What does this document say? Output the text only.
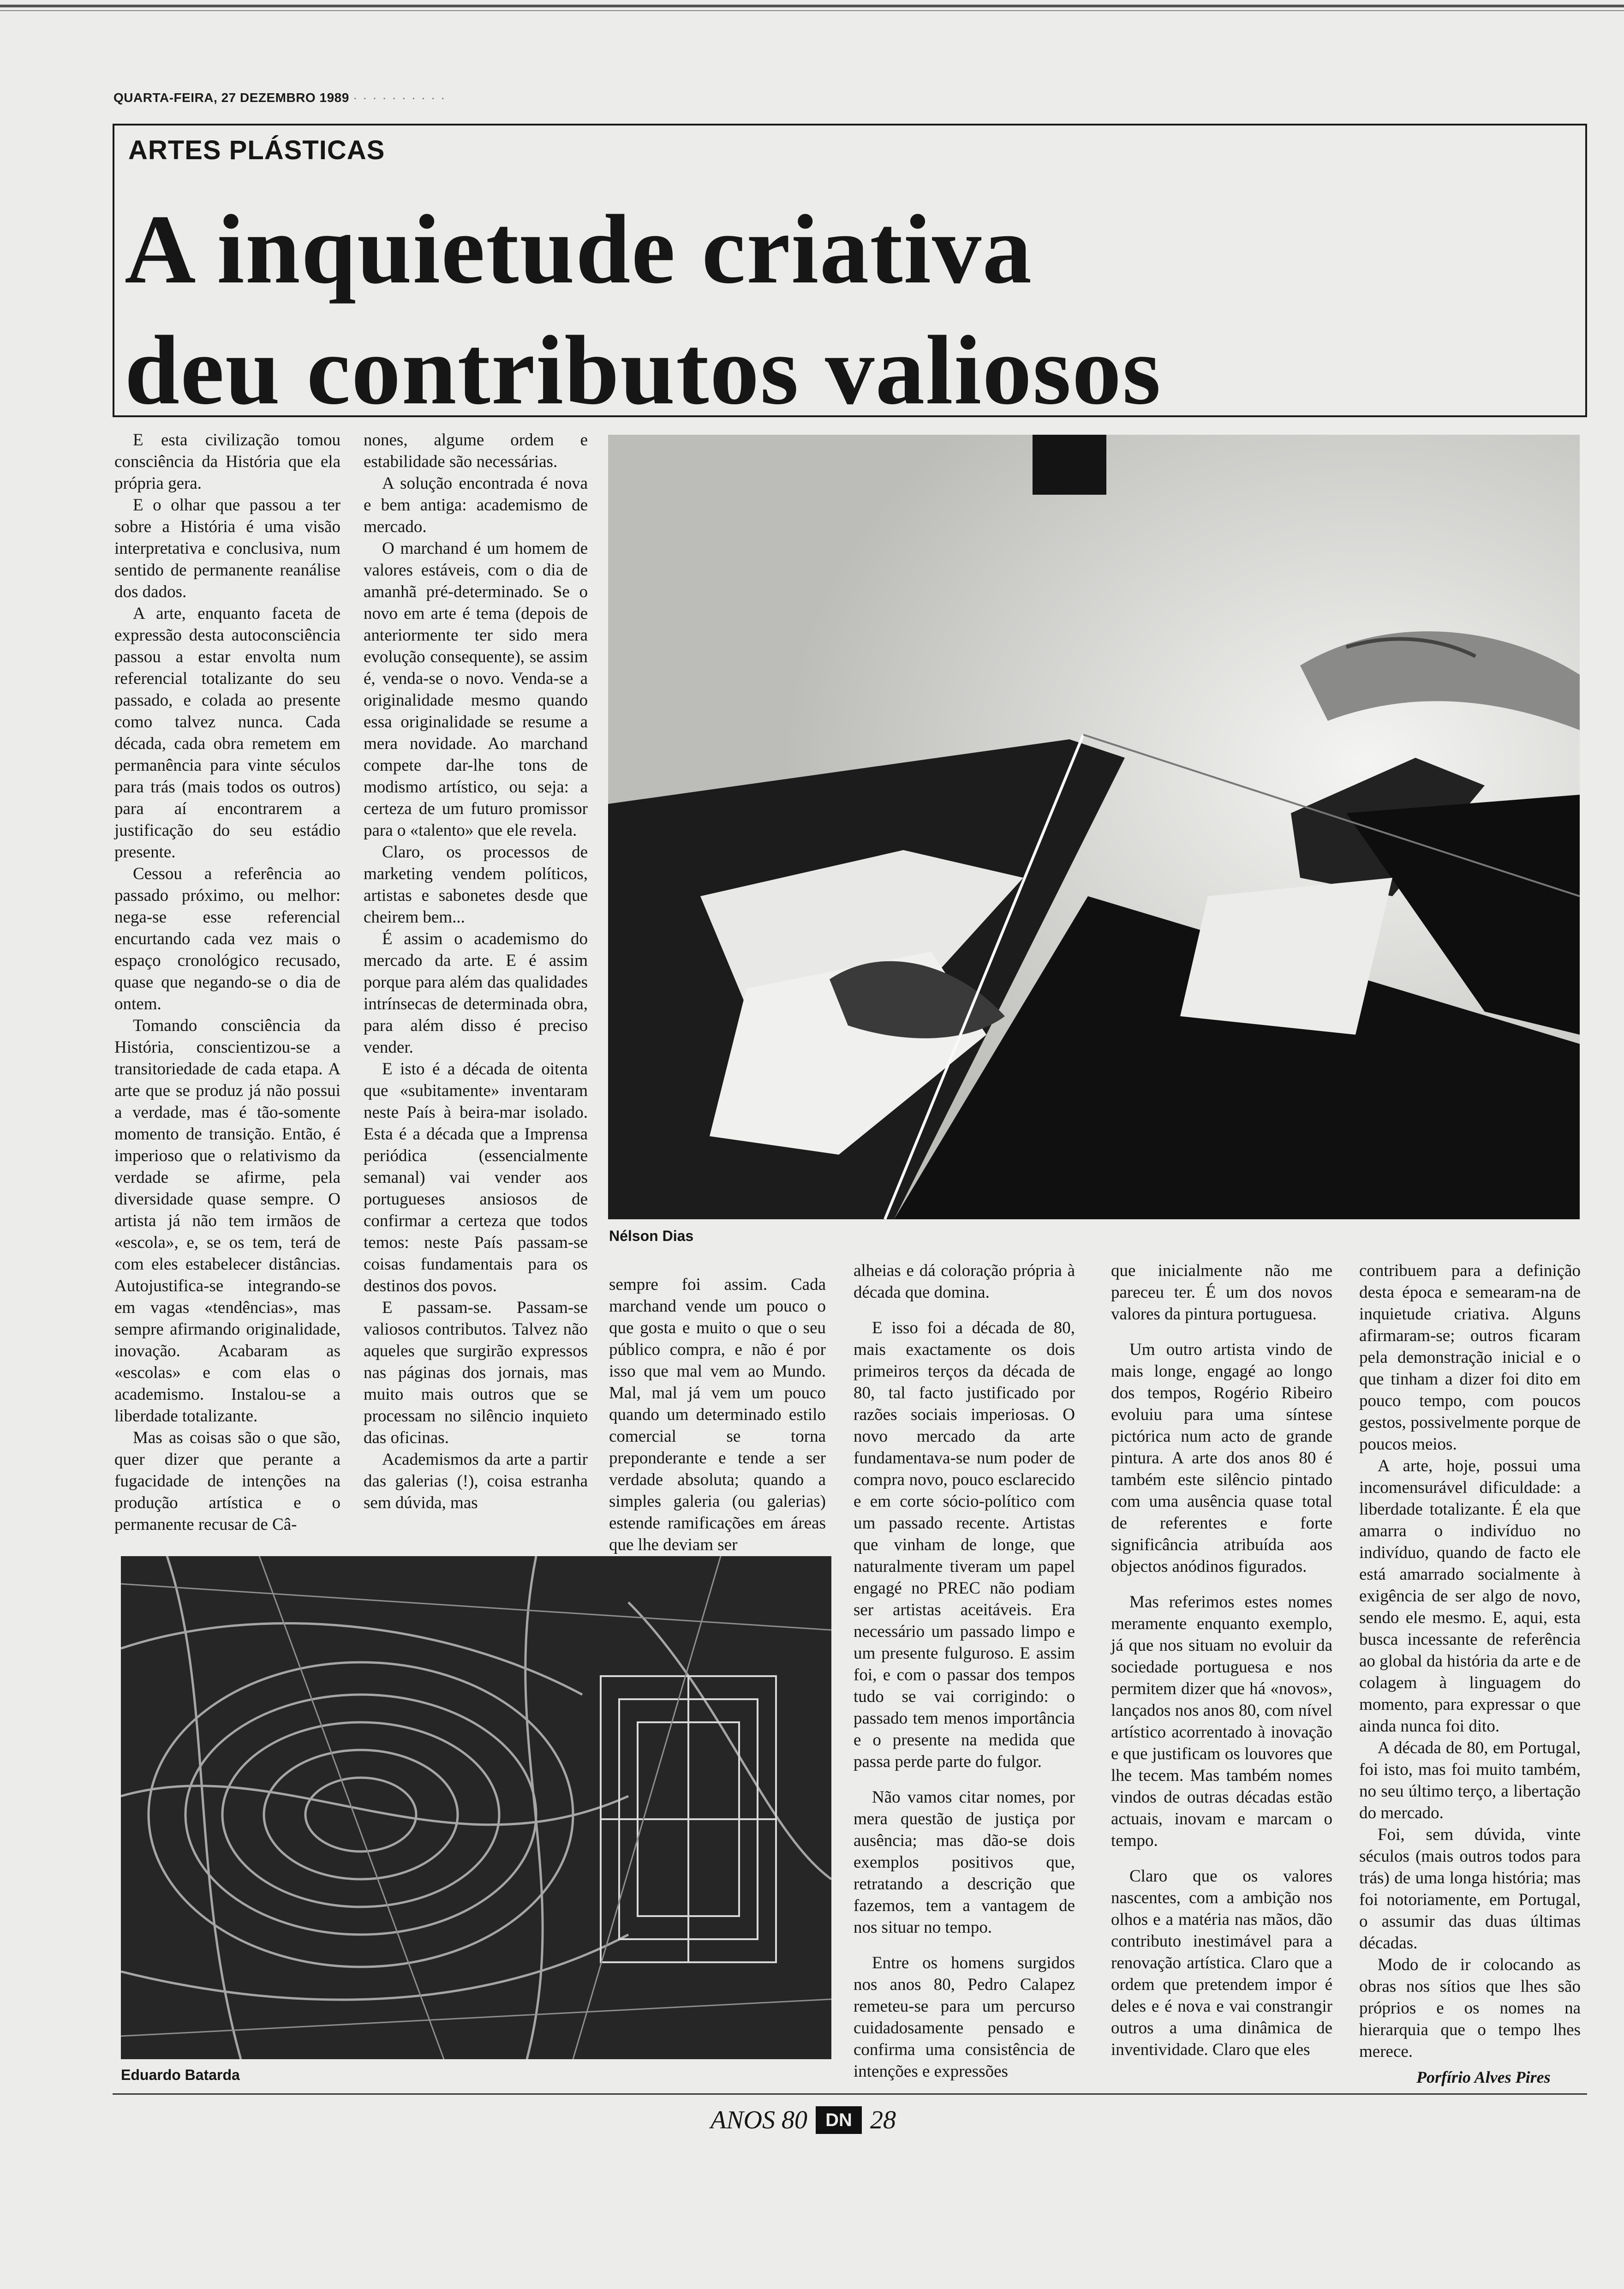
QUARTA-FEIRA, 27 DEZEMBRO 1989 · · · · · · · · · ·
ARTES PLÁSTICAS
A inquietude criativa
deu contributos valiosos

E esta civilização tomou consciência da História que ela própria gera.

E o olhar que passou a ter sobre a História é uma visão interpretativa e conclusiva, num sentido de permanente reanálise dos dados.

A arte, enquanto faceta de expressão desta autoconsciência passou a estar envolta num referencial totalizante do seu passado, e colada ao presente como talvez nunca. Cada década, cada obra remetem em permanência para vinte séculos para trás (mais todos os outros) para aí encontrarem a justificação do seu estádio presente.

Cessou a referência ao passado próximo, ou melhor: nega-se esse referencial encurtando cada vez mais o espaço cronológico recusado, quase que negando-se o dia de ontem.

Tomando consciência da História, conscientizou-se a transitoriedade de cada etapa. A arte que se produz já não possui a verdade, mas é tão-somente momento de transição. Então, é imperioso que o relativismo da verdade se afirme, pela diversidade quase sempre. O artista já não tem irmãos de «escola», e, se os tem, terá de com eles estabelecer distâncias. Autojustifica-se integrando-se em vagas «tendências», mas sempre afirmando originalidade, inovação. Acabaram as «escolas» e com elas o academismo. Instalou-se a liberdade totalizante.

Mas as coisas são o que são, quer dizer que perante a fugacidade de intenções na produção artística e o permanente recusar de Câ-

nones, algume ordem e estabilidade são necessárias.

A solução encontrada é nova e bem antiga: academismo de mercado.

O marchand é um homem de valores estáveis, com o dia de amanhã pré-determinado. Se o novo em arte é tema (depois de anteriormente ter sido mera evolução consequente), se assim é, venda-se o novo. Venda-se a originalidade mesmo quando essa originalidade se resume a mera novidade. Ao marchand compete dar-lhe tons de modismo artístico, ou seja: a certeza de um futuro promissor para o «talento» que ele revela.

Claro, os processos de marketing vendem políticos, artistas e sabonetes desde que cheirem bem...

É assim o academismo do mercado da arte. E é assim porque para além das qualidades intrínsecas de determinada obra, para além disso é preciso vender.

E isto é a década de oitenta que «subitamente» inventaram neste País à beira-mar isolado. Esta é a década que a Imprensa periódica (essencialmente semanal) vai vender aos portugueses ansiosos de confirmar a certeza que todos temos: neste País passam-se coisas fundamentais para os destinos dos povos.

E passam-se. Passam-se valiosos contributos. Talvez não aqueles que surgirão expressos nas páginas dos jornais, mas muito mais outros que se processam no silêncio inquieto das oficinas.

Academismos da arte a partir das galerias (!), coisa estranha sem dúvida, mas

Nélson Dias

sempre foi assim. Cada marchand vende um pouco o que gosta e muito o que o seu público compra, e não é por isso que mal vem ao Mundo. Mal, mal já vem um pouco quando um determinado estilo comercial se torna preponderante e tende a ser verdade absoluta; quando a simples galeria (ou galerias) estende ramificações em áreas que lhe deviam ser

alheias e dá coloração própria à década que domina.

E isso foi a década de 80, mais exactamente os dois primeiros terços da década de 80, tal facto justificado por razões sociais imperiosas. O novo mercado da arte fundamentava-se num poder de compra novo, pouco esclarecido e em corte sócio-político com um passado recente. Artistas que vinham de longe, que naturalmente tiveram um papel engagé no PREC não podiam ser artistas aceitáveis. Era necessário um passado limpo e um presente fulguroso. E assim foi, e com o passar dos tempos tudo se vai corrigindo: o passado tem menos importância e o presente na medida que passa perde parte do fulgor.

Não vamos citar nomes, por mera questão de justiça por ausência; mas dão-se dois exemplos positivos que, retratando a descrição que fazemos, tem a vantagem de nos situar no tempo.

Entre os homens surgidos nos anos 80, Pedro Calapez remeteu-se para um percurso cuidadosamente pensado e confirma uma consistência de intenções e expressões

que inicialmente não me pareceu ter. É um dos novos valores da pintura portuguesa.

Um outro artista vindo de mais longe, engagé ao longo dos tempos, Rogério Ribeiro evoluiu para uma síntese pictórica num acto de grande pintura. A arte dos anos 80 é também este silêncio pintado com uma ausência quase total de referentes e forte significância atribuída aos objectos anódinos figurados.

Mas referimos estes nomes meramente enquanto exemplo, já que nos situam no evoluir da sociedade portuguesa e nos permitem dizer que há «novos», lançados nos anos 80, com nível artístico acorrentado à inovação e que justificam os louvores que lhe tecem. Mas também nomes vindos de outras décadas estão actuais, inovam e marcam o tempo.

Claro que os valores nascentes, com a ambição nos olhos e a matéria nas mãos, dão contributo inestimável para a renovação artística. Claro que a ordem que pretendem impor é deles e é nova e vai constrangir outros a uma dinâmica de inventividade. Claro que eles

contribuem para a definição desta época e semearam-na de inquietude criativa. Alguns afirmaram-se; outros ficaram pela demonstração inicial e o que tinham a dizer foi dito em pouco tempo, com poucos gestos, possivelmente porque de poucos meios.

A arte, hoje, possui uma incomensurável dificuldade: a liberdade totalizante. É ela que amarra o indivíduo no indivíduo, quando de facto ele está amarrado socialmente à exigência de ser algo de novo, sendo ele mesmo. E, aqui, esta busca incessante de referência ao global da história da arte e de colagem à linguagem do momento, para expressar o que ainda nunca foi dito.

A década de 80, em Portugal, foi isto, mas foi muito também, no seu último terço, a libertação do mercado.

Foi, sem dúvida, vinte séculos (mais outros todos para trás) de uma longa história; mas foi notoriamente, em Portugal, o assumir das duas últimas décadas.

Modo de ir colocando as obras nos sítios que lhes são próprios e os nomes na hierarquia que o tempo lhes merece.

Porfírio Alves Pires
Eduardo Batarda
ANOS 80 DN 28
